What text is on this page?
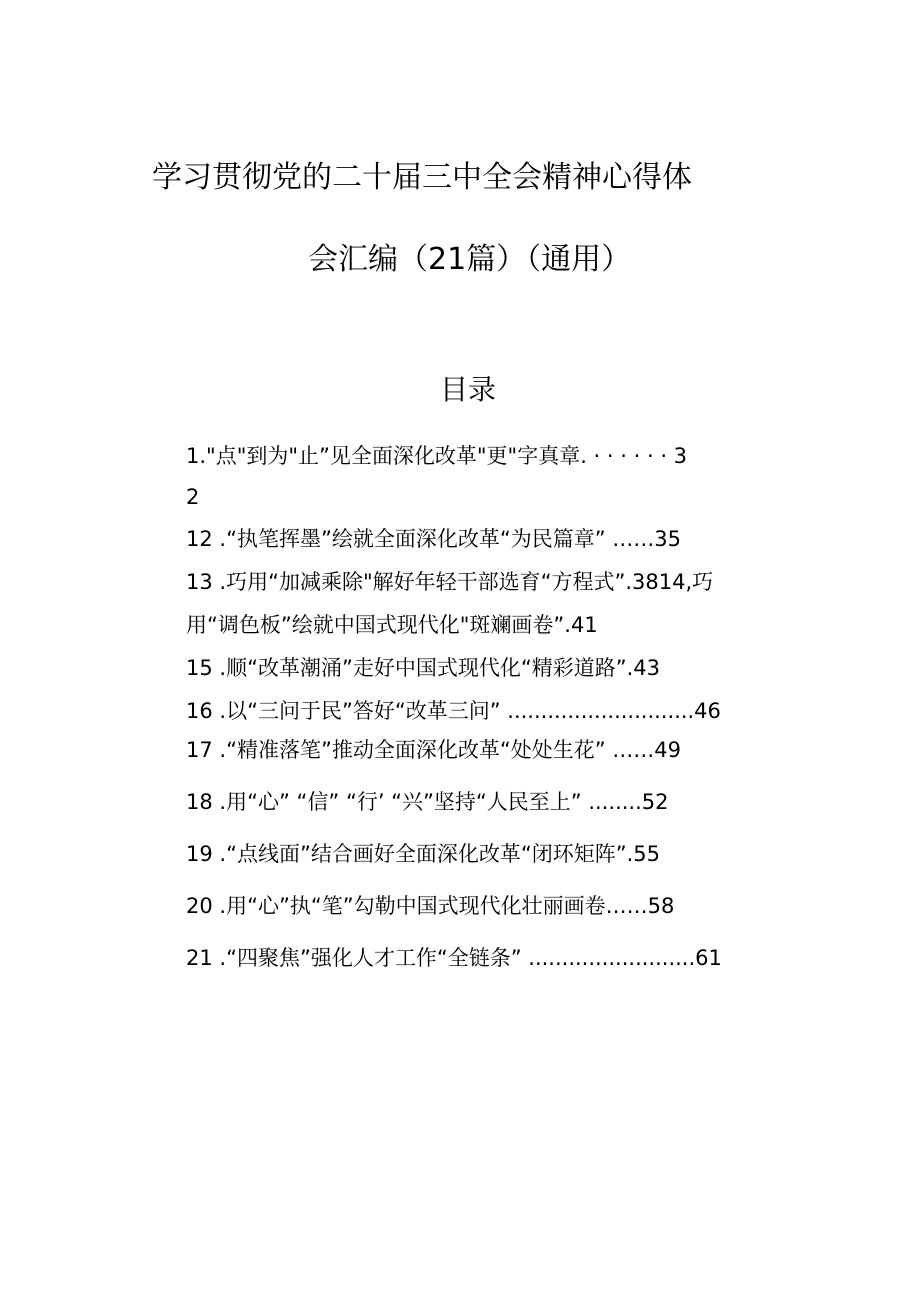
学习贯彻党的二十届三中全会精神心得体
会汇编（21篇）（通用）
目录
1."点"到为"止”见全面深化改革"更"字真章. · · · · · · 3
2
12 .“执笔挥墨”绘就全面深化改革“为民篇章” ……35
13 .巧用“加减乘除"解好年轻干部选育“方程式”.3814,巧
用“调色板”绘就中国式现代化"斑斓画卷”.41
15 .顺“改革潮涌”走好中国式现代化“精彩道路”.43
16 .以“三问于民”答好“改革三问” ............................46
17 .“精准落笔”推动全面深化改革“处处生花” ……49
18 .用“心” “信” “行’ “兴”坚持“人民至上” ........52
19 .“点线面”结合画好全面深化改革“闭环矩阵”.55
20 .用“心”执“笔”勾勒中国式现代化壮丽画卷……58
21 .“四聚焦”强化人才工作“全链条” .........................61
